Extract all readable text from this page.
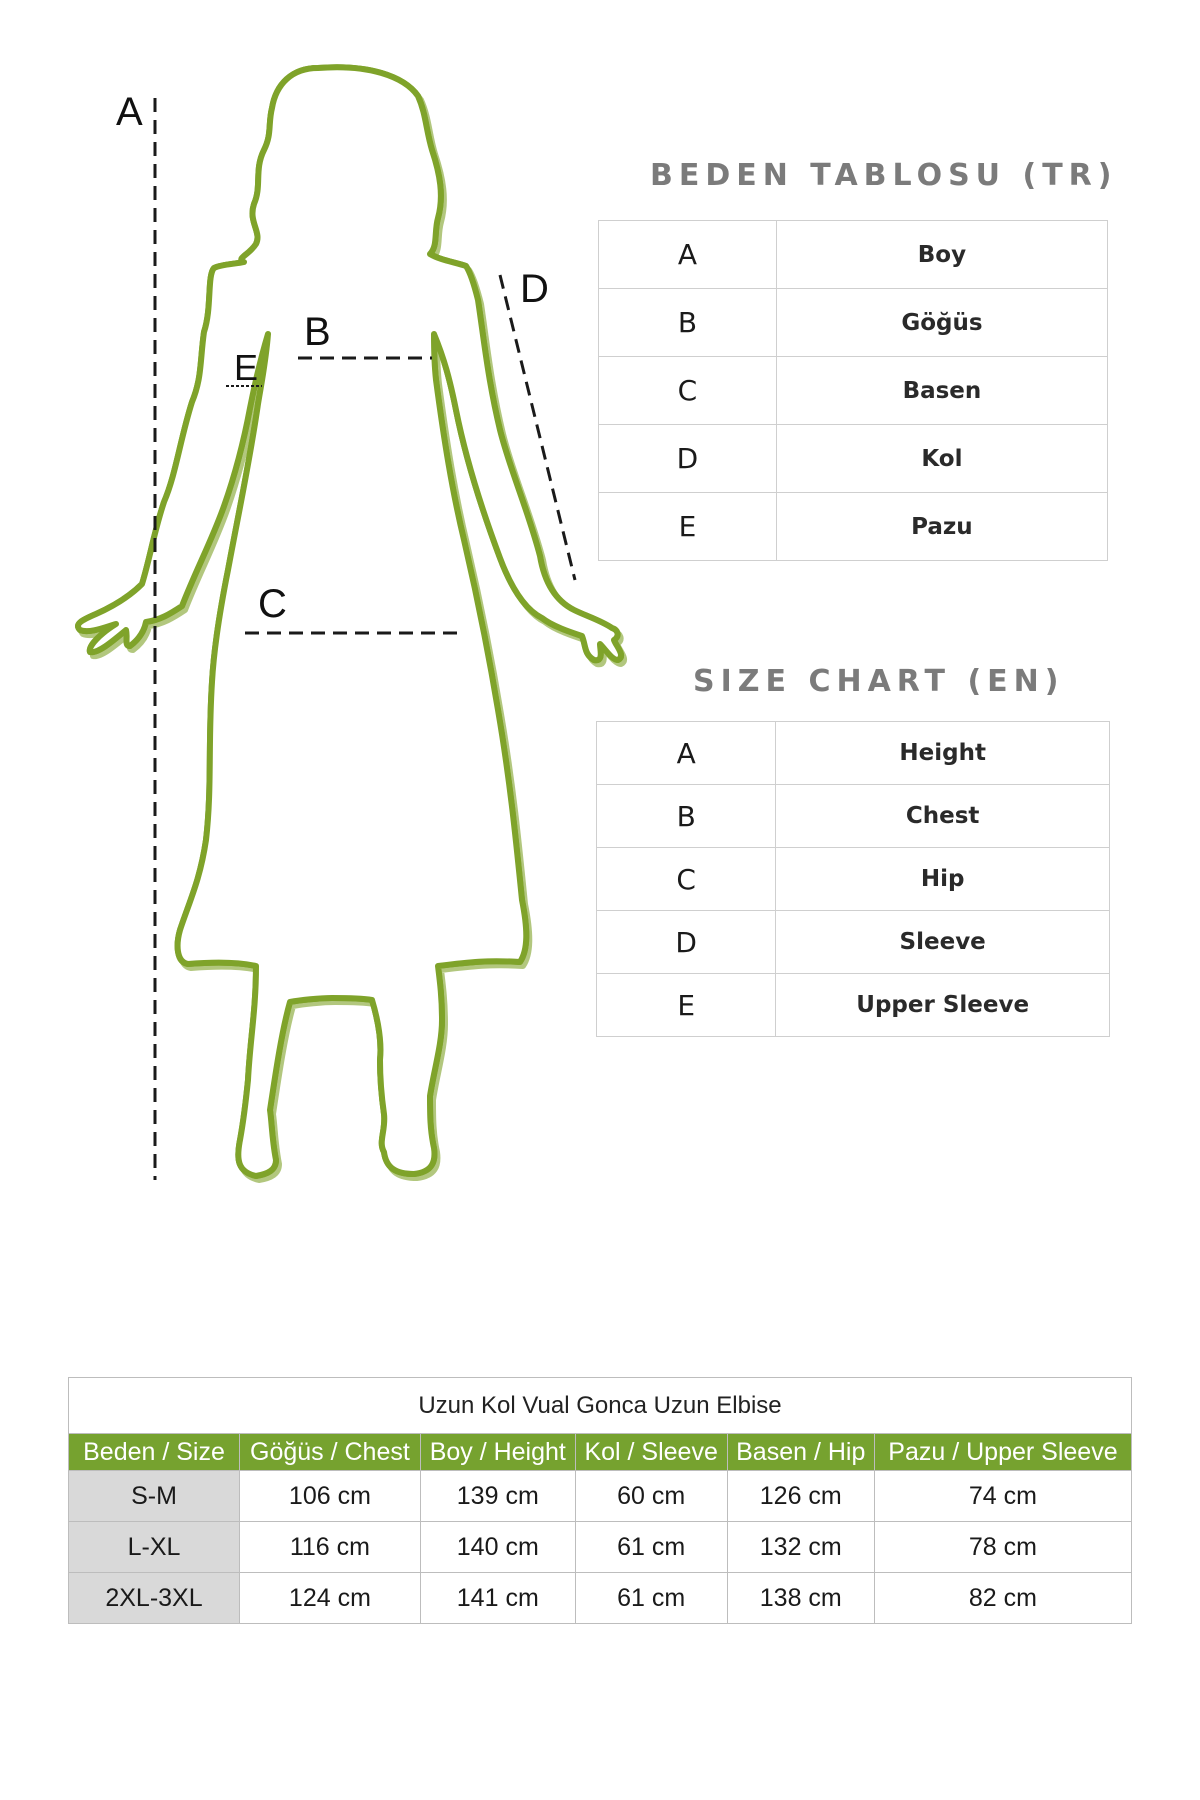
A
B
C
D
E
BEDEN TABLOSU (TR)
A	Boy
B	Göğüs
C	Basen
D	Kol
E	Pazu
SIZE CHART (EN)
A	Height
B	Chest
C	Hip
D	Sleeve
E	Upper Sleeve
Uzun Kol Vual Gonca Uzun Elbise					
Beden / Size	Göğüs / Chest	Boy / Height	Kol / Sleeve	Basen / Hip	Pazu / Upper Sleeve
S-M	106 cm	139 cm	60 cm	126 cm	74 cm
L-XL	116 cm	140 cm	61 cm	132 cm	78 cm
2XL-3XL	124 cm	141 cm	61 cm	138 cm	82 cm
